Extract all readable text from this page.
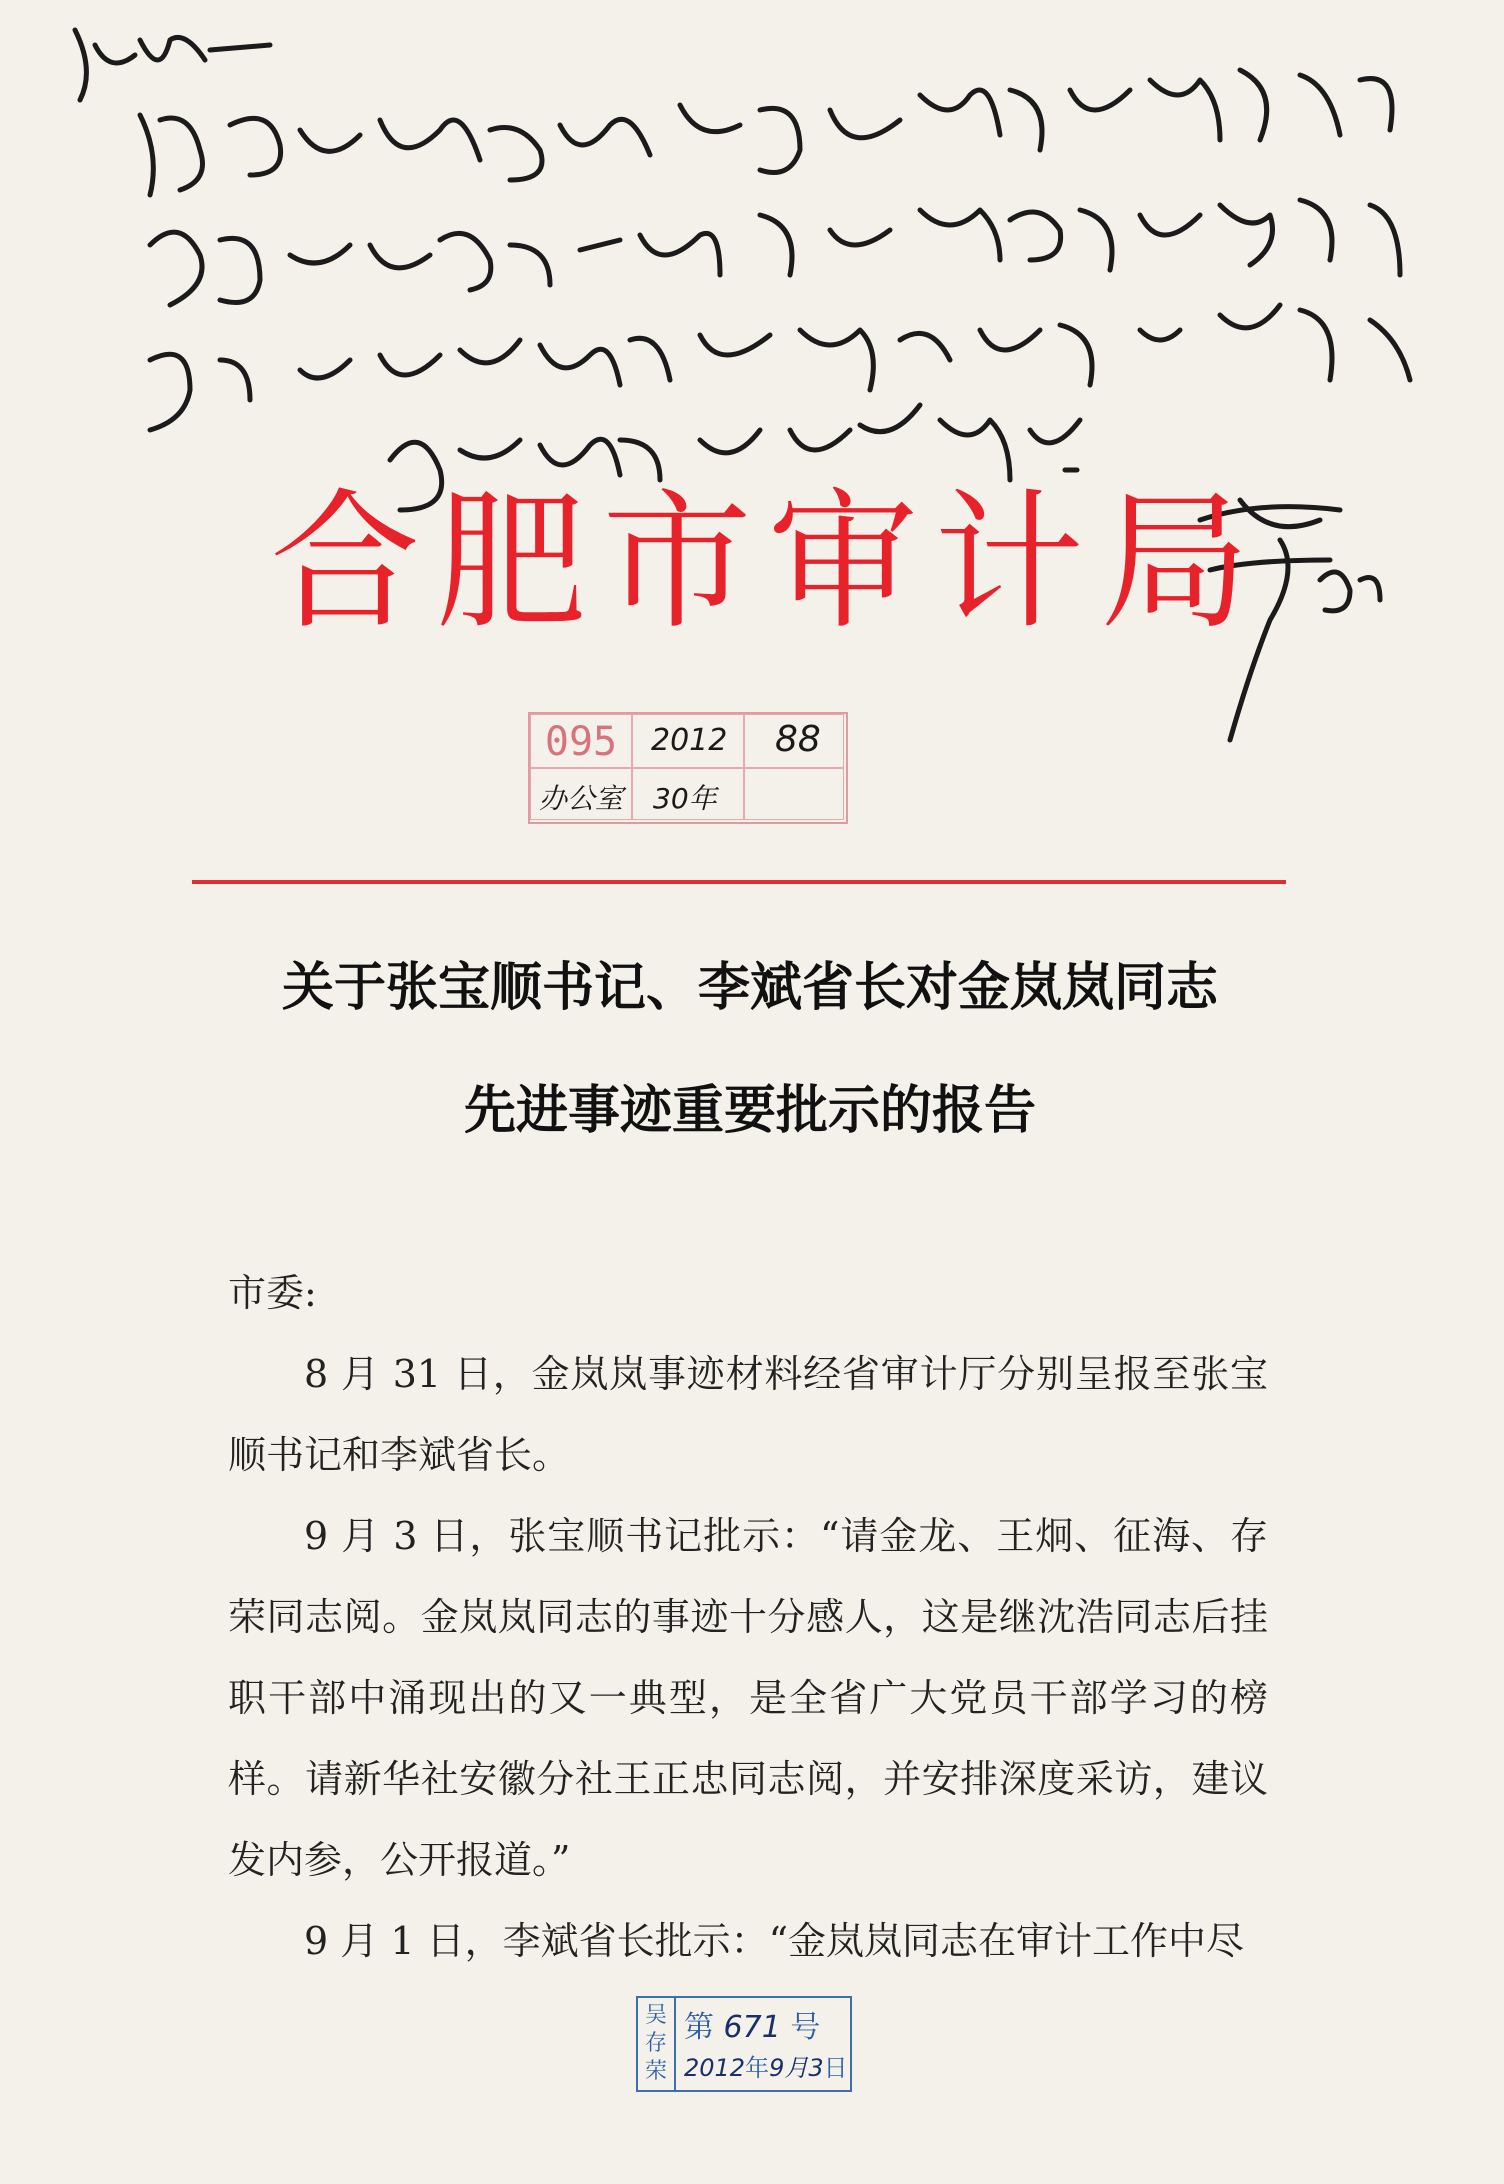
合 肥 市 审 计 局
095	2012 88
办公室 30年
关于张宝顺书记、李斌省长对金岚岚同志
先进事迹重要批示的报告
市委:

8 月 31 日，金岚岚事迹材料经省审计厅分别呈报至张宝顺书记和李斌省长。

9 月 3 日，张宝顺书记批示：“请金龙、王炯、征海、存荣同志阅。金岚岚同志的事迹十分感人，这是继沈浩同志后挂职干部中涌现出的又一典型，是全省广大党员干部学习的榜样。请新华社安徽分社王正忠同志阅，并安排深度采访，建议发内参，公开报道。”

9 月 1 日，李斌省长批示：“金岚岚同志在审计工作中尽

吴存荣
第 671 号
2012年9月3日
